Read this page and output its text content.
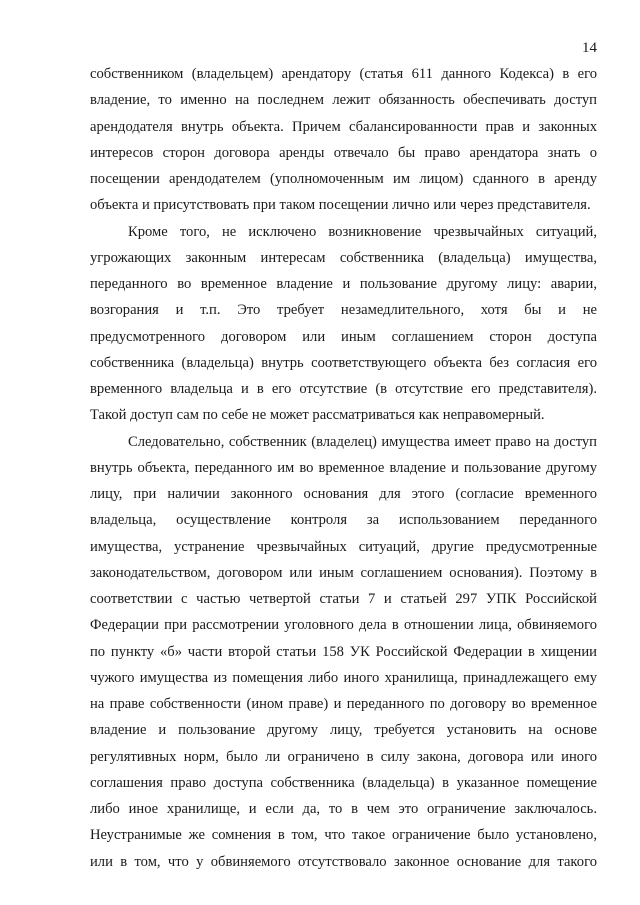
14

собственником (владельцем) арендатору (статья 611 данного Кодекса) в его
владение, то именно на последнем лежит обязанность обеспечивать доступ
арендодателя внутрь объекта. Причем сбалансированности прав и законных
интересов сторон договора аренды отвечало бы право арендатора знать о
посещении арендодателем (уполномоченным им лицом) сданного в аренду
объекта и присутствовать при таком посещении лично или через представителя.

Кроме того, не исключено возникновение чрезвычайных ситуаций,
угрожающих законным интересам собственника (владельца) имущества,
переданного во временное владение и пользование другому лицу: аварии,
возгорания и т.п. Это требует незамедлительного, хотя бы и не
предусмотренного договором или иным соглашением сторон доступа
собственника (владельца) внутрь соответствующего объекта без согласия его
временного владельца и в его отсутствие (в отсутствие его представителя).
Такой доступ сам по себе не может рассматриваться как неправомерный.

Следовательно, собственник (владелец) имущества имеет право на доступ
внутрь объекта, переданного им во временное владение и пользование другому
лицу, при наличии законного основания для этого (согласие временного
владельца, осуществление контроля за использованием переданного
имущества, устранение чрезвычайных ситуаций, другие предусмотренные
законодательством, договором или иным соглашением основания). Поэтому в
соответствии с частью четвертой статьи 7 и статьей 297 УПК Российской
Федерации при рассмотрении уголовного дела в отношении лица, обвиняемого
по пункту «б» части второй статьи 158 УК Российской Федерации в хищении
чужого имущества из помещения либо иного хранилища, принадлежащего ему
на праве собственности (ином праве) и переданного по договору во временное
владение и пользование другому лицу, требуется установить на основе
регулятивных норм, было ли ограничено в силу закона, договора или иного
соглашения право доступа собственника (владельца) в указанное помещение
либо иное хранилище, и если да, то в чем это ограничение заключалось.
Неустранимые же сомнения в том, что такое ограничение было установлено,
или в том, что у обвиняемого отсутствовало законное основание для такого
